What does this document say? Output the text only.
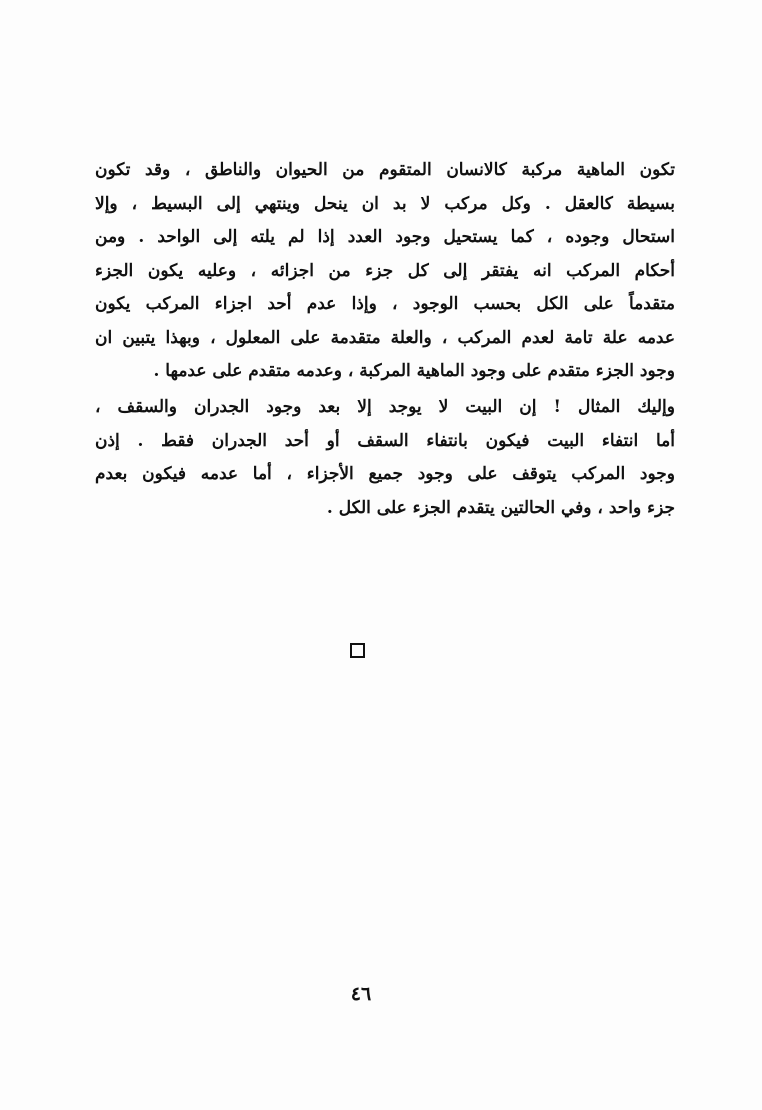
تكون الماهية مركبة كالانسان المتقوم من الحيوان والناطق ، وقد تكون
بسيطة كالعقل . وكل مركب لا بد ان ينحل وينتهي إلى البسيط ، وإلا
استحال وجوده ، كما يستحيل وجود العدد إذا لم يلته إلى الواحد . ومن
أحكام المركب انه يفتقر إلى كل جزء من اجزائه ، وعليه يكون الجزء
متقدماً على الكل بحسب الوجود ، وإذا عدم أحد اجزاء المركب يكون
عدمه علة تامة لعدم المركب ، والعلة متقدمة على المعلول ، وبهذا يتبين ان
وجود الجزء متقدم على وجود الماهية المركبة ، وعدمه متقدم على عدمها .
وإليك المثال ! إن البيت لا يوجد إلا بعد وجود الجدران والسقف ،
أما انتفاء البيت فيكون بانتفاء السقف أو أحد الجدران فقط . إذن
وجود المركب يتوقف على وجود جميع الأجزاء ، أما عدمه فيكون بعدم
جزء واحد ، وفي الحالتين يتقدم الجزء على الكل .
٤٦
